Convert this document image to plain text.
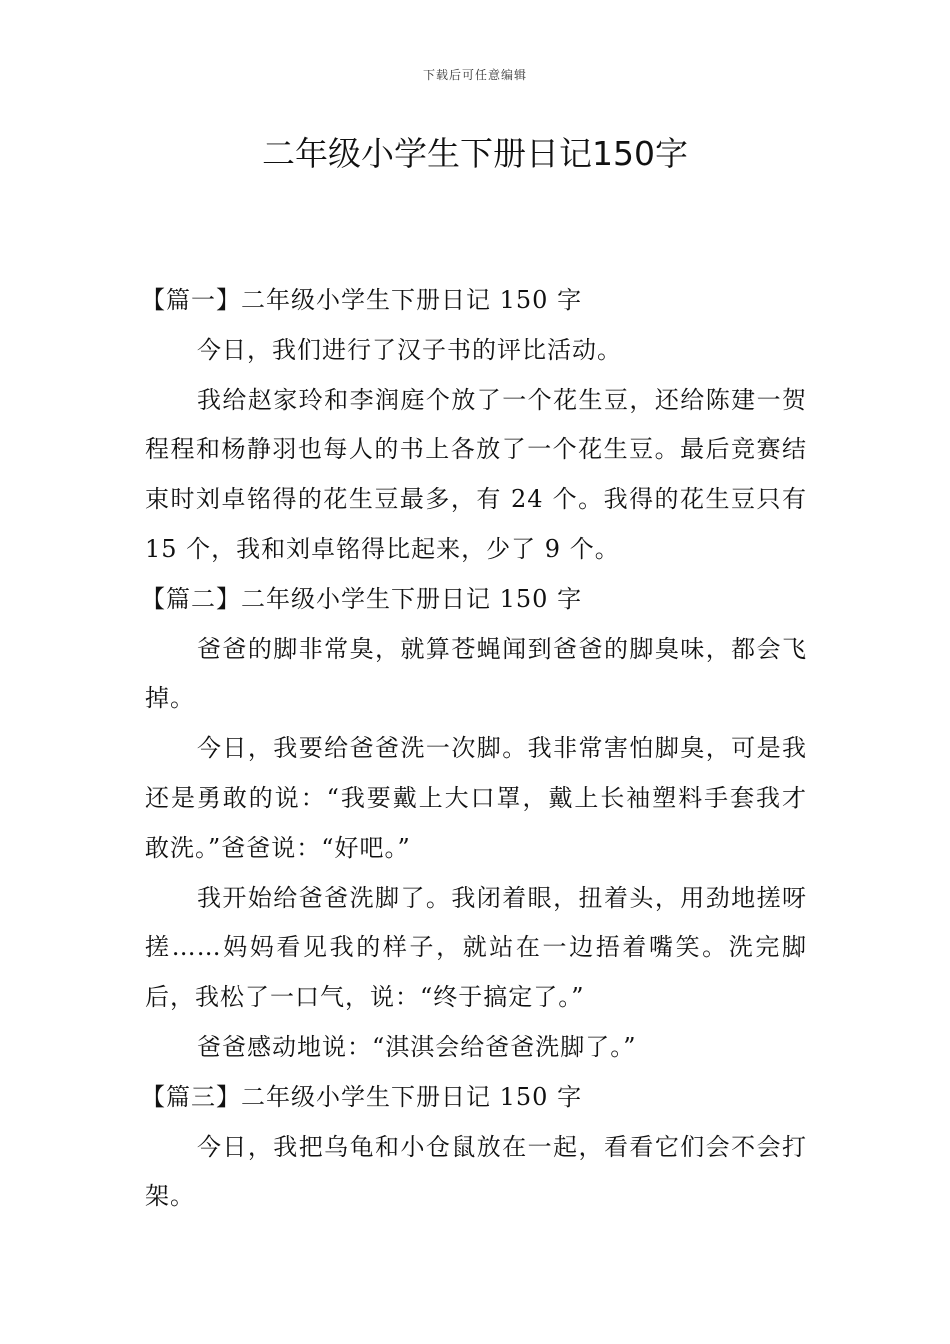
下载后可任意编辑
二年级小学生下册日记150字

【篇一】二年级小学生下册日记 150 字

今日，我们进行了汉子书的评比活动。

我给赵家玲和李润庭个放了一个花生豆，还给陈建一贺程程和杨静羽也每人的书上各放了一个花生豆。最后竞赛结束时刘卓铭得的花生豆最多，有 24 个。我得的花生豆只有 15 个，我和刘卓铭得比起来，少了 9 个。

【篇二】二年级小学生下册日记 150 字

爸爸的脚非常臭，就算苍蝇闻到爸爸的脚臭味，都会飞掉。

今日，我要给爸爸洗一次脚。我非常害怕脚臭，可是我还是勇敢的说：“我要戴上大口罩，戴上长袖塑料手套我才敢洗。”爸爸说：“好吧。”

我开始给爸爸洗脚了。我闭着眼，扭着头，用劲地搓呀搓……妈妈看见我的样子，就站在一边捂着嘴笑。洗完脚后，我松了一口气，说：“终于搞定了。”

爸爸感动地说：“淇淇会给爸爸洗脚了。”

【篇三】二年级小学生下册日记 150 字

今日，我把乌龟和小仓鼠放在一起，看看它们会不会打架。
